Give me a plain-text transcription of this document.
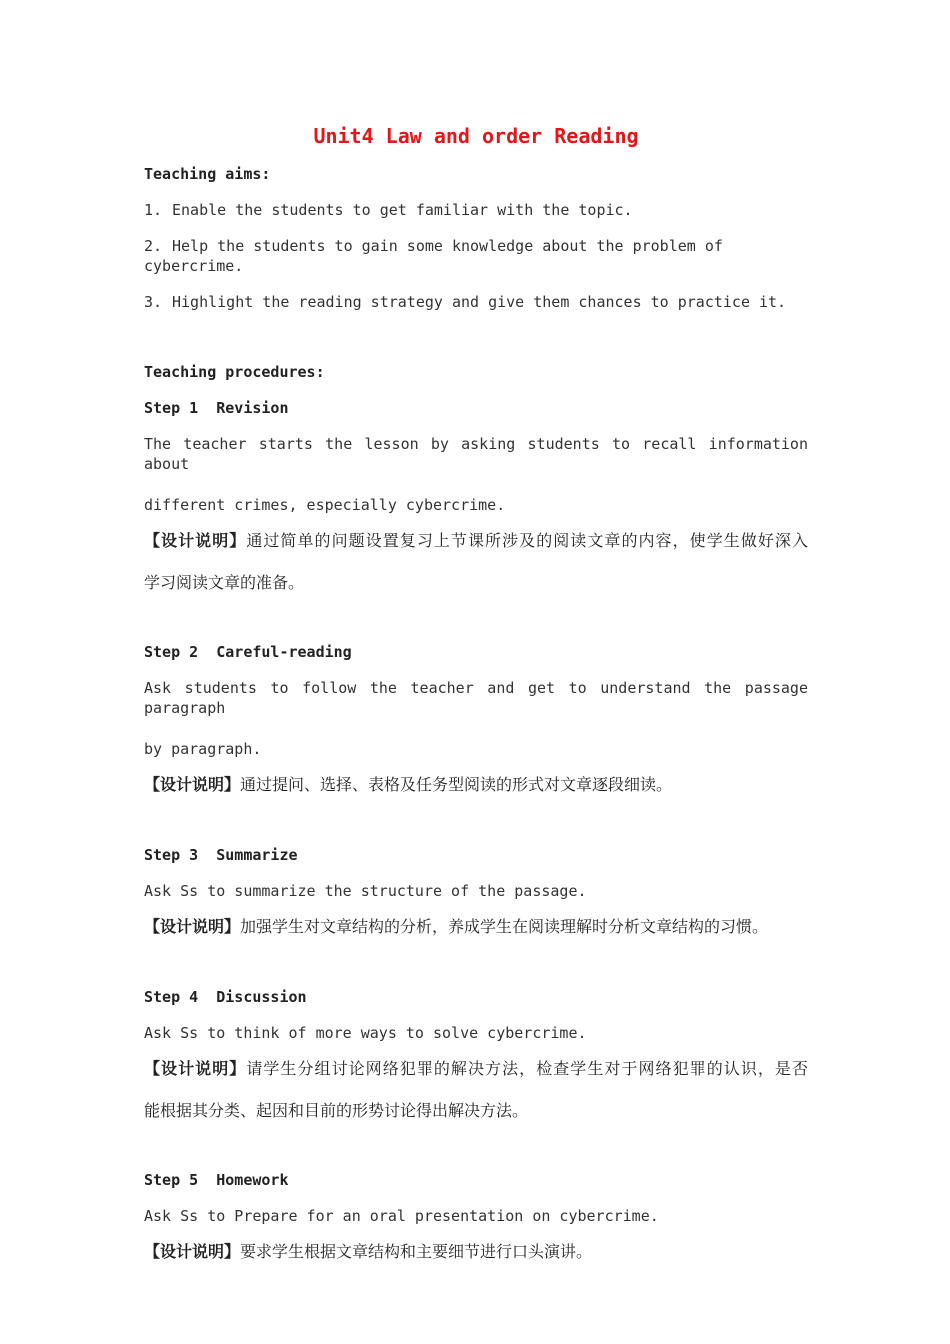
Unit4 Law and order Reading

Teaching aims:

1. Enable the students to get familiar with the topic.

2. Help the students to gain some knowledge about the problem of cybercrime.

3. Highlight the reading strategy and give them chances to practice it.

Teaching procedures:

Step 1  Revision

The teacher starts the lesson by asking students to recall information about

different crimes, especially cybercrime.

【设计说明】通过简单的问题设置复习上节课所涉及的阅读文章的内容，使学生做好深入

学习阅读文章的准备。

Step 2  Careful-reading

Ask students to follow the teacher and get to understand the passage paragraph

by paragraph.

【设计说明】通过提问、选择、表格及任务型阅读的形式对文章逐段细读。

Step 3  Summarize

Ask Ss to summarize the structure of the passage.

【设计说明】加强学生对文章结构的分析，养成学生在阅读理解时分析文章结构的习惯。

Step 4  Discussion

Ask Ss to think of more ways to solve cybercrime.

【设计说明】请学生分组讨论网络犯罪的解决方法，检查学生对于网络犯罪的认识，是否

能根据其分类、起因和目前的形势讨论得出解决方法。

Step 5  Homework

Ask Ss to Prepare for an oral presentation on cybercrime.

【设计说明】要求学生根据文章结构和主要细节进行口头演讲。
